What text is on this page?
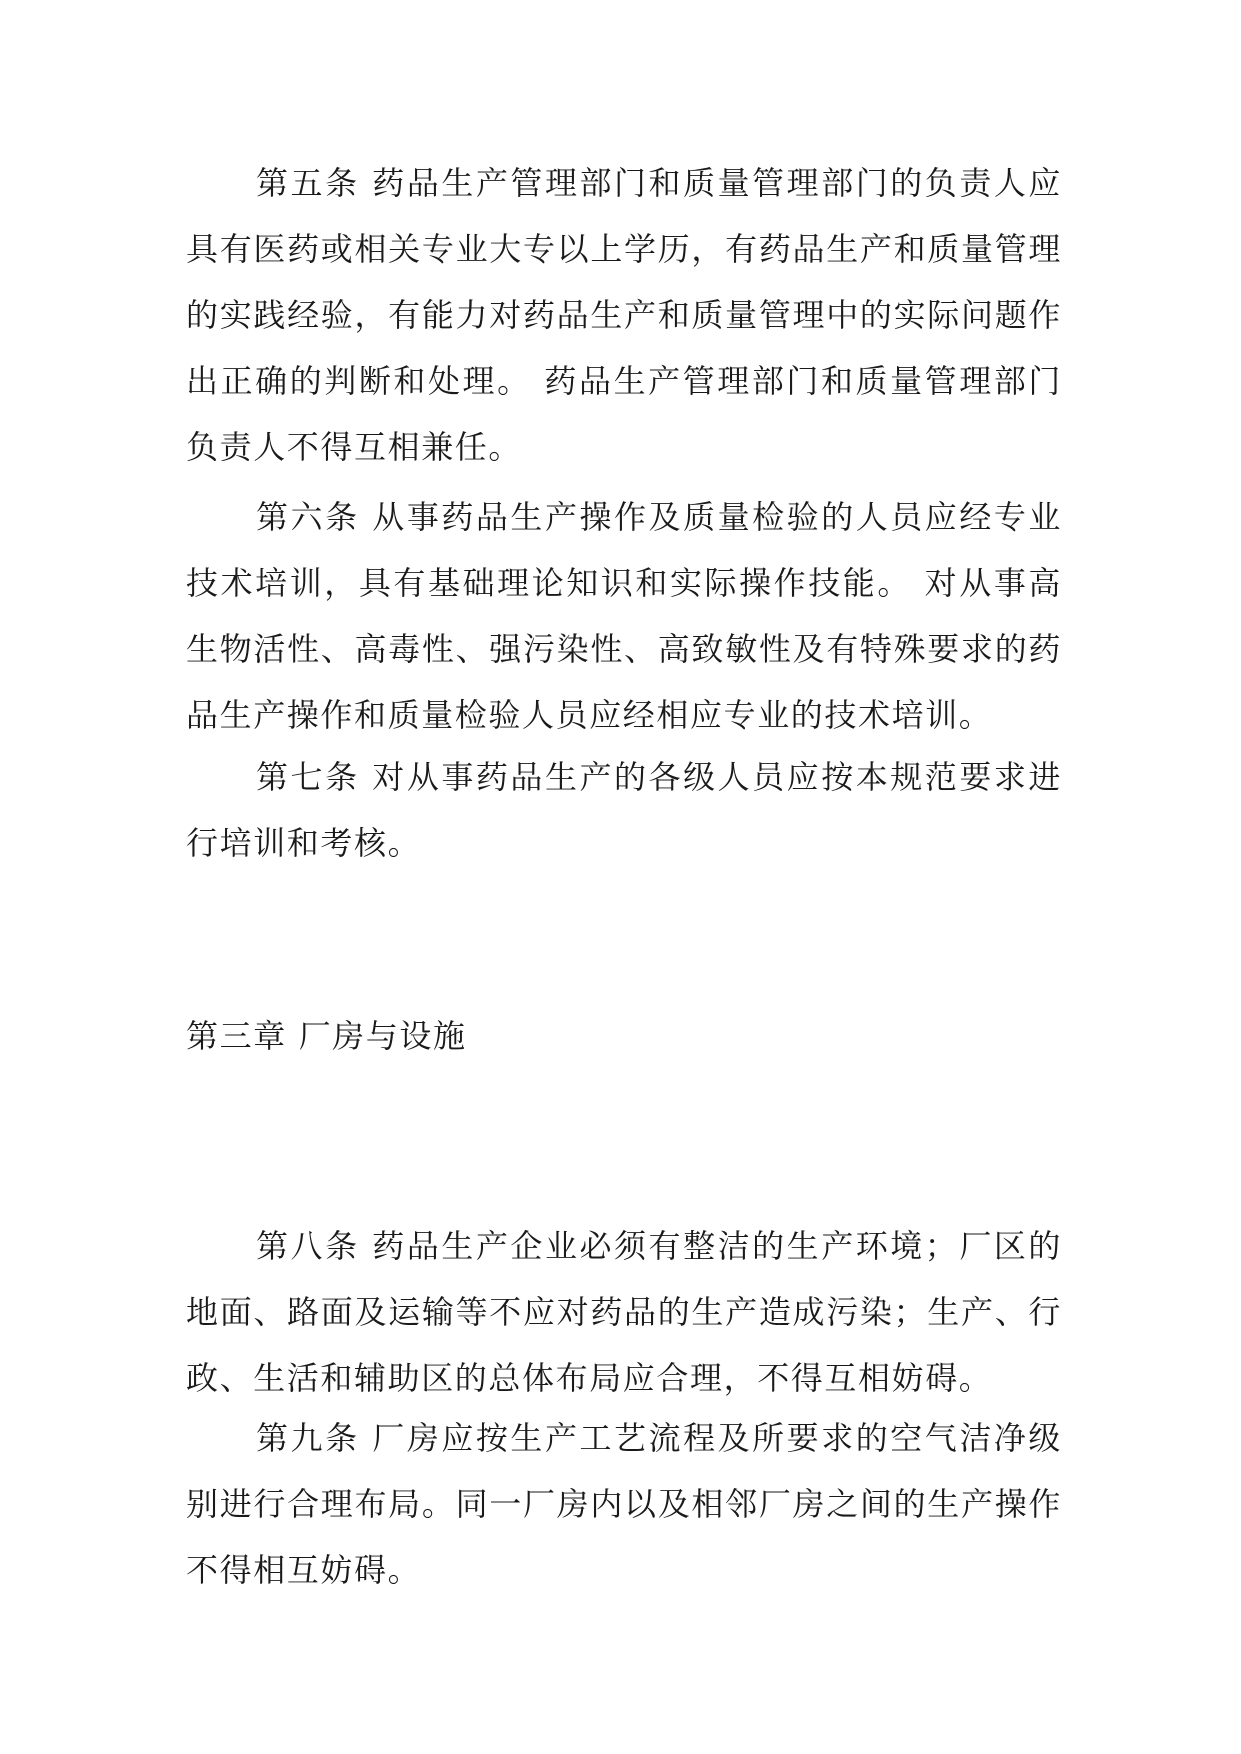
第五条 药品生产管理部门和质量管理部门的负责人应具有医药或相关专业大专以上学历，有药品生产和质量管理的实践经验，有能力对药品生产和质量管理中的实际问题作出正确的判断和处理。 药品生产管理部门和质量管理部门负责人不得互相兼任。

第六条 从事药品生产操作及质量检验的人员应经专业技术培训，具有基础理论知识和实际操作技能。 对从事高生物活性、高毒性、强污染性、高致敏性及有特殊要求的药品生产操作和质量检验人员应经相应专业的技术培训。

第七条 对从事药品生产的各级人员应按本规范要求进行培训和考核。

第三章 厂房与设施

第八条 药品生产企业必须有整洁的生产环境；厂区的地面、路面及运输等不应对药品的生产造成污染；生产、行政、生活和辅助区的总体布局应合理，不得互相妨碍。

第九条 厂房应按生产工艺流程及所要求的空气洁净级别进行合理布局。同一厂房内以及相邻厂房之间的生产操作不得相互妨碍。
